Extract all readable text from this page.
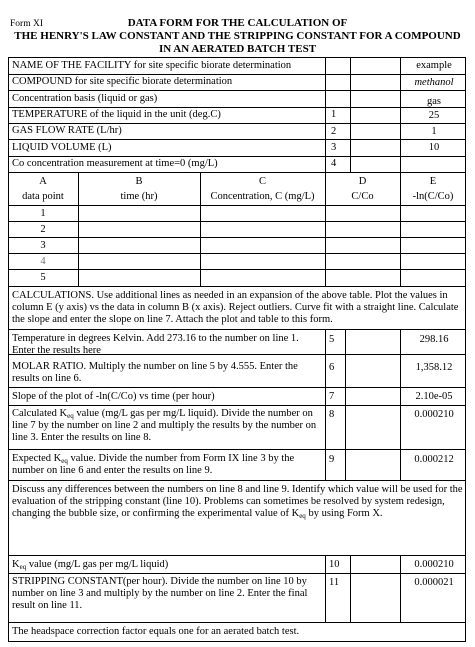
Form XI	DATA FORM FOR THE CALCULATION OF
THE HENRY'S LAW CONSTANT AND THE STRIPPING CONSTANT FOR A COMPOUND
IN AN AERATED BATCH TEST
NAME OF THE FACILITY for site specific biorate determination	example
COMPOUND for site specific biorate determination	methanol
Concentration basis (liquid or gas)	gas
TEMPERATURE of the liquid in the unit (deg.C)	1	25
GAS FLOW RATE (L/hr)	2	1
LIQUID VOLUME (L)	3	10
Co concentration measurement at time=0 (mg/L)	4
A	B	C	D	E
data point	time (hr)	Concentration, C (mg/L)	C/Co	-ln(C/Co)
1
2
3
4
5
CALCULATIONS. Use additional lines as needed in an expansion of the above table. Plot the values in column E (y axis) vs the data in column B (x axis). Reject outliers. Curve fit with a straight line. Calculate the slope and enter the slope on line 7. Attach the plot and table to this form.
Temperature in degrees Kelvin. Add 273.16 to the number on line 1. Enter the results here
5	298.16
MOLAR RATIO. Multiply the number on line 5 by 4.555. Enter the results on line 6.
6	1,358.12
Slope of the plot of -ln(C/Co) vs time (per hour)	7	2.10e-05
Calculated $K_{eq}$ value (mg/L gas per mg/L liquid). Divide the number on line 7 by the number on line 2 and multiply the results by the number on line 3. Enter the results on line 8.
8	0.000210
Expected $K_{eq}$ value. Divide the number from Form IX line 3 by the number on line 6 and enter the results on line 9.
9	0.000212
Discuss any differences between the numbers on line 8 and line 9. Identify which value will be used for the evaluation of the stripping constant (line 10). Problems can sometimes be resolved by system redesign, changing the bubble size, or confirming the experimental value of $K_{eq}$ by using Form X.
$K_{eq}$ value (mg/L gas per mg/L liquid)	10	0.000210
STRIPPING CONSTANT(per hour). Divide the number on line 10 by number on line 3 and multiply by the number on line 2. Enter the final result on line 11.
11	0.000021
The headspace correction factor equals one for an aerated batch test.
